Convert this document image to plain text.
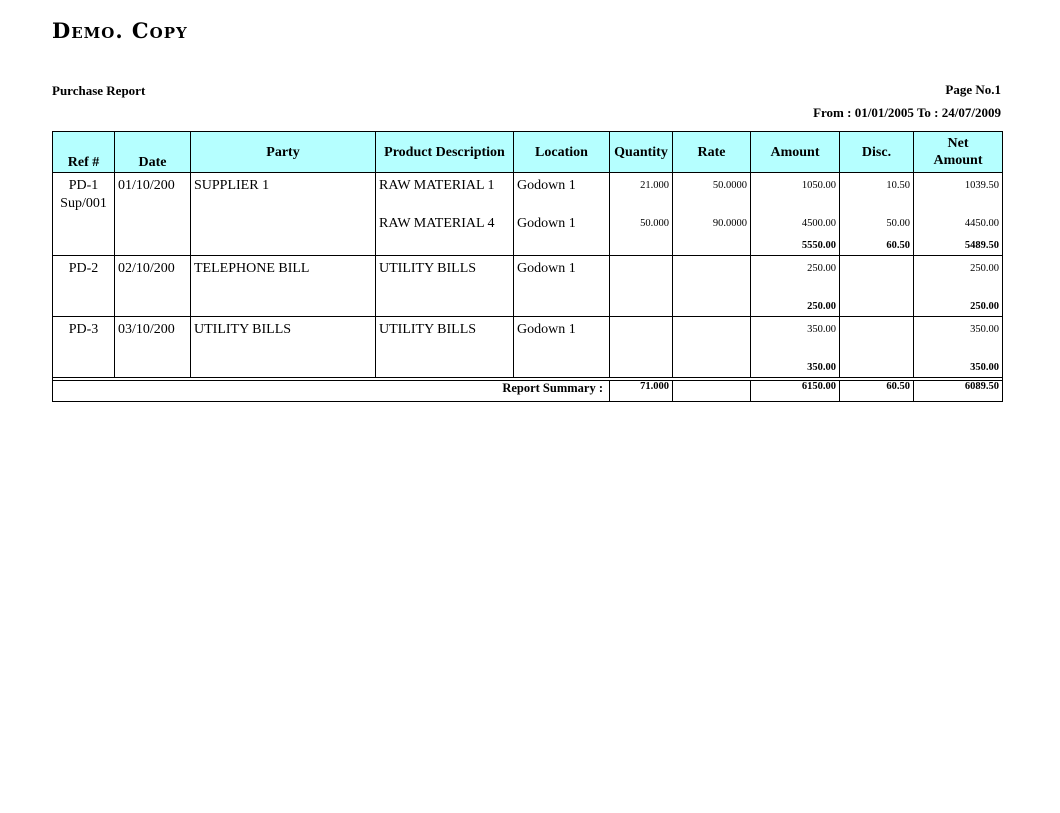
Demo. Copy
Purchase Report	Page No.1
From : 01/01/2005 To : 24/07/2009
Ref #	Date	Party	Product Description	Location	Quantity	Rate	Amount	Disc.	Net
Amount

PD-1
Sup/001	01/10/200	SUPPLIER 1	RAW MATERIAL 1	Godown 1	21.000	50.0000	1050.00	10.50	1039.50
			RAW MATERIAL 4	Godown 1	50.000	90.0000	4500.00	50.00	4450.00
							5550.00	60.50	5489.50
PD-2	02/10/200	TELEPHONE BILL	UTILITY BILLS	Godown 1			250.00		250.00
							250.00		250.00
PD-3	03/10/200	UTILITY BILLS	UTILITY BILLS	Godown 1			350.00		350.00
							350.00		350.00

Report Summary :					71.000		6150.00	60.50	6089.50
